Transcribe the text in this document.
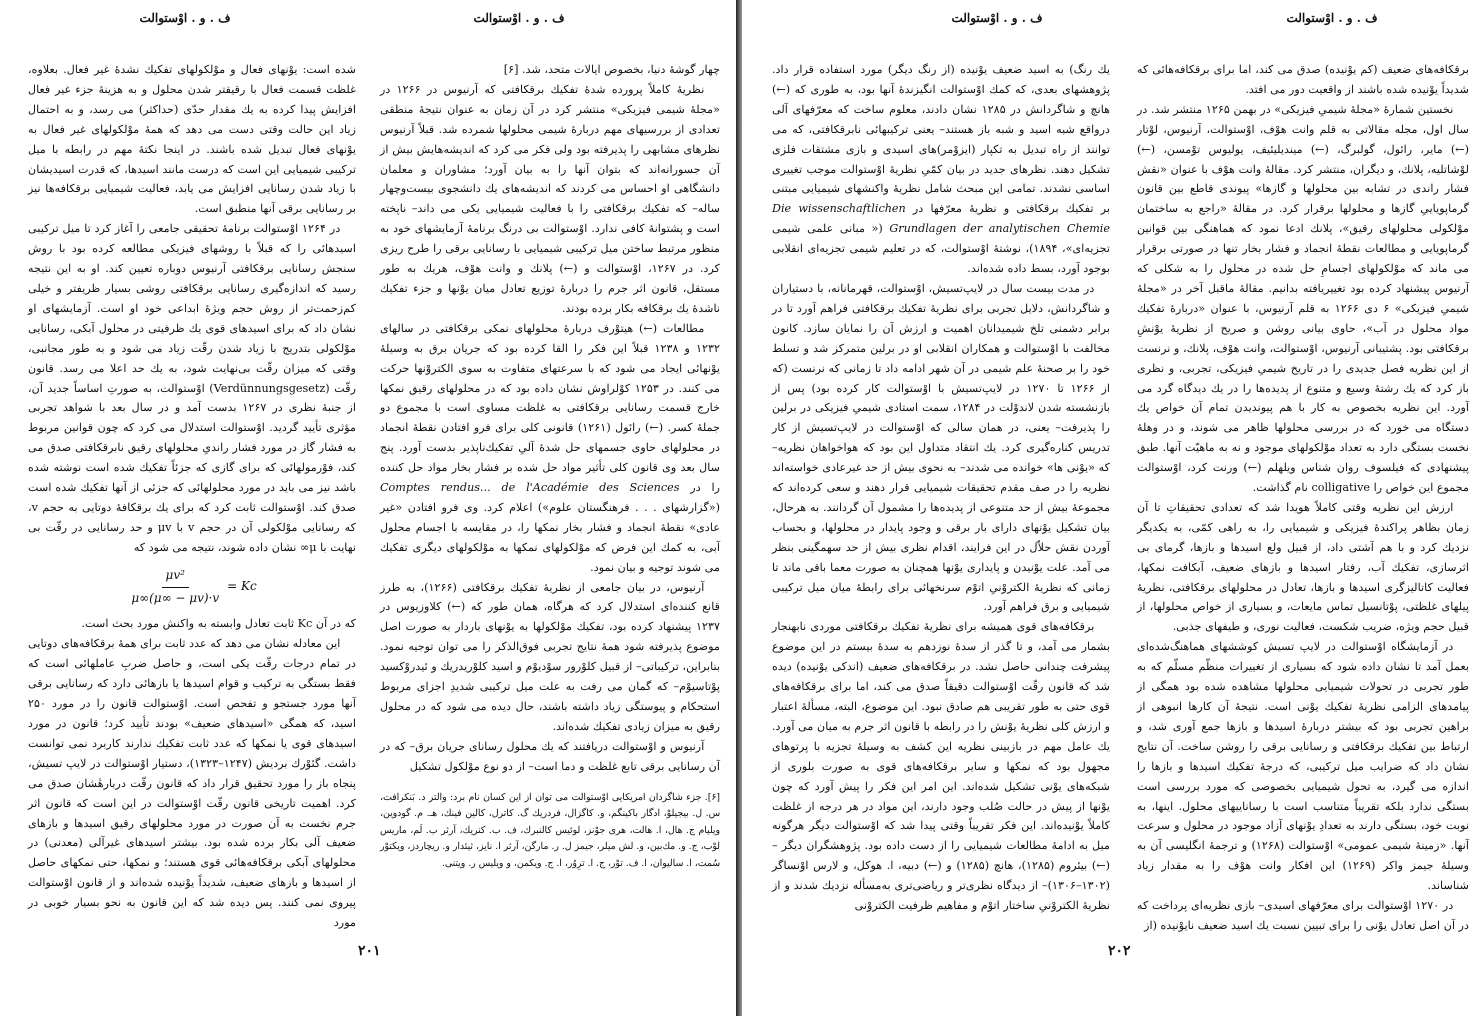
ف . و . اوْستوالت	ف . و . اوْستوالت

شده است: یوْنهای فعال و موْلکولهای تفکیك نشدهٔ غیر فعال. بعلاوه، غلظت قسمت فعال با رقیقتر شدن محلول و به هزینهٔ جزء غیر فعال افزایش پیدا کرده به یك مقدار حدّی (حداکثر) می رسد، و به احتمال زیاد این حالت وقتی دست می دهد که همهٔ موْلکولهای غیر فعال به یوْنهای فعال تبدیل شده باشند. در اینجا نکتهٔ مهم در رابطه با میل ترکیبی شیمیایی این است که درست مانند اسیدها، که قدرت اسیدیشان با زیاد شدن رسانایی افزایش می یابد، فعالیت شیمیایی برقکافه‌ها نیز بر رسانایی برقی آنها منطبق است.

در ۱۲۶۴ اوْستوالت برنامهٔ تحقیقی جامعی را آغاز کرد تا میل ترکیبی اسیدهائی را که قبلاً با روشهای فیزیکی مطالعه کرده بود با روش سنجش رسانایی برقکافتی آرنیوس دوباره تعیین کند. او به این نتیجه رسید که اندازه‌گیری رسانایی برقکافتی روشی بسیار ظریفتر و خیلی کم‌زحمت‌تر از روش حجم ویژهٔ ابداعی خود او است. آزمایشهای او نشان داد که برای اسیدهای قوی یك ظرفیتی در محلول آبکی، رسانایی موْلکولی بتدریج با زیاد شدن رقّت زیاد می شود و به طور مجانبی، وقتی که میزان رقّت بی‌نهایت شود، به یك حد اعلا می رسد. قانون رقّت (Verdünnungsgesetz) اوْستوالت، به صورتِ اساساً جدید آن، از جنبهٔ نظری در ۱۲۶۷ بدست آمد و در سال بعد با شواهد تجربی مؤثری تأیید گردید. اوْستوالت استدلال می کرد که چون قوانین مربوط به فشار گاز در مورد فشار راندیِ محلولهای رقیق نابرقکافتی صدق می کند، فوْرمولهائی که برای گازی که جزئاً تفکیك شده است نوشته شده باشد نیز می باید در مورد محلولهائی که جزئی از آنها تفکیك شده است صدق کند. اوْستوالت ثابت کرد که برای یك برقکافهٔ دوتایی به حجم v، که رسانایی موْلکولی آن در حجم v با μv و حد رسانایی در رقّت بی نهایت با μ∞ نشان داده شوند، نتیجه می شود که

$\frac{\text{μv²}}{\mu\infty(\mu\infty - \mu v)\cdot v} = Kc$

که در آن Kc ثابت تعادل وابسته به واکنش مورد بحث است.

این معادله نشان می دهد که عدد ثابت برای همهٔ برقکافه‌های دوتایی در تمام درجات رقّت یکی است، و حاصل ضربِ عاملهائی است که فقط بستگی به ترکیب و قوام اسیدها یا بازهائی دارد که رسانایی برقی آنها مورد جستجو و تفحص است. اوْستوالت قانون را در مورد ۲۵۰ اسید، که همگی «اسیدهای ضعیف» بودند تأیید کرد؛ قانون در مورد اسیدهای قوی یا نمکها که عدد ثابت تفکیك ندارند کاربرد نمی توانست داشت. گئوْرك بردیش (۱۲۴۷–۱۳۲۳)، دستیار اوْستوالت در لایپ تسیش، پنجاه باز را مورد تحقیق قرار داد که قانون رقّت دربارهٔشان صدق می کرد. اهمیت تاریخی قانون رقّت اوْستوالت در این است که قانون اثر جرم نخست به آن صورت در مورد محلولهای رقیق اسیدها و بازهای ضعیف آلی بکار برده شده بود. بیشتر اسیدهای غیرآلی (معدنی) در محلولهای آبکی برقکافه‌هائی قوی هستند؛ و نمکها، حتی نمکهای حاصل از اسیدها و بازهای ضعیف، شدیداً یوْنیده شده‌اند و از قانون اوْستوالت پیروی نمی کنند. پس دیده شد که این قانون به نحو بسیار خوبی در مورد

چهار گوشهٔ دنیا، بخصوص ایالات متحد، شد. [۶]

نظریهٔ کاملاً پرورده شدهٔ تفکیك برقکافتی که آرنیوس در ۱۲۶۶ در «مجلهٔ شیمی فیزیکی» منتشر کرد در آن زمان به عنوان نتیجهٔ منطقی تعدادی از بررسیهای مهم دربارهٔ شیمی محلولها شمرده شد. قبلاً آرنیوس نظرهای مشابهی را پذیرفته بود ولی فکر می کرد که اندیشه‌هایش بیش از آن جسورانه‌اند که بتوان آنها را به بیان آورد؛ مشاوران و معلمان دانشگاهی او احساس می کردند که اندیشه‌های یك دانشجوی بیست‌وچهار ساله– که تفکیك برقکافتی را با فعالیت شیمیایی یکی می داند– ناپخته است و پشتوانهٔ کافی ندارد. اوْستوالت بی درنگ برنامهٔ آزمایشهای خود به منظور مرتبط ساختن میل ترکیبی شیمیایی با رسانایی برقی را طرح ریزی کرد. در ۱۲۶۷، اوْستوالت و (←) پلانك و وانت هوْف، هریك به طور مستقل، قانون اثر جرم را دربارهٔ توزیع تعادل میان یوْنها و جزء تفکیك ناشدهٔ یك برقکافه بکار برده بودند.

مطالعات (←) هیتوْرف دربارهٔ محلولهای نمکی برقکافتی در سالهای ۱۲۳۲ و ۱۲۳۸ قبلاً این فکر را القا کرده بود که جریان برق به وسیلهٔ یوْنهائی ایجاد می شود که با سرعتهای متفاوت به سوی الکتروْنها حرکت می کنند. در ۱۲۵۳ کوْلراوش نشان داده بود که در محلولهای رقیق نمکها خارج قسمت رسانایی برقکافتی به غلظت مساوی است با مجموع دو جملهٔ کسر. (←) رائول (۱۲۶۱) قانونی کلی برای فرو افتادن نقطهٔ انجماد در محلولهای حاوی جسمهای حل شدهٔ آلیِ تفکیك‌ناپذیر بدست آورد. پنج سال بعد وی قانون کلی تأثیر مواد حل شده بر فشار بخار مواد حل کننده را در Comptes rendus... de l'Académie des Sciences («گزارشهای . . . فرهنگستان علوم») اعلام کرد. وی فرو افتادن «غیر عادی» نقطهٔ انجماد و فشار بخار نمکها را، در مقایسه با اجسام محلول آبی، به کمك این فرض که موْلکولهای نمکها به موْلکولهای دیگری تفکیك می شوند توجیه و بیان نمود.

آرنیوس، در بیان جامعی از نظریهٔ تفکیك برقکافتی (۱۲۶۶)، به طرز قانع کننده‌ای استدلال کرد که هرگاه، همان طور که (←) کلاوزیوس در ۱۲۳۷ پیشنهاد کرده بود، تفکیك موْلکولها به یوْنهای باردار به صورت اصل موضوع پذیرفته شود همهٔ نتایج تجربی فوق‌الذکر را می توان توجیه نمود. بنابراین، ترکیباتی– از قبیل کلوْرور سوْدیوْم و اسید کلوْریدریك و ئیدروْکسید پوْتاسیوْم– که گمان می رفت به علت میل ترکیبی شدیدِ اجزای مربوط استحکام و پیوستگی زیاد داشته باشند، حال دیده می شود که در محلول رقیق به میزان زیادی تفکیك شده‌اند.

آرنیوس و اوْستوالت دریافتند که یك محلول رسانای جریان برق– که در آن رسانایی برقی تابع غلظت و دما است– از دو نوع موْلکول تشکیل

[۶]. جزء شاگردان امریکایی اوْستوالت می توان از این کسان نام برد: والتر د. بَنکرافت، س. ل. بیجیلوْ، ادگار باکینگم، و. کاگزال، فردریك گ. کاترل، کالین فینك، هـ. م. گودوین، ویلیام ج. هال، ا. هالت، هری جوْنز، لوئیس کالنبرك، ف. ب. کنریك، آرثر ب. لَم، ماریس لوْب، ج. و. مك‌بین، و. لش میلر، جیمز ل. ر. مارگن، آرثر ا. نایز، ثیئدار و. ریچاردز، ویکتوْر سُمت، ا. سالیوان، ا. ف. توْر، ج. ا. ترِوُر، ا. ج. ویکمن، و ویلیس ر. ویتنی.
۲۰۱
ف . و . اوْستوالت	ف . و . اوْستوالت

یك رنگ) به اسید ضعیف یوْنیده (از رنگ دیگر) مورد استفاده قرار داد. پژوهشهای بعدی، که کمك اوْستوالت انگیزندهٔ آنها بود، به طوری که (←) هانچ و شاگردانش در ۱۲۸۵ نشان دادند، معلوم ساخت که معرّفهای آلی درواقع شبه اسید و شبه باز هستند– یعنی ترکیبهائی نابرقکافتی، که می توانند از راه تبدیل به تکپار (ایزوْمر)های اسیدی و بازی مشتقات فلزی تشکیل دهند. نظرهای جدید در بیان کمّیِ نظریهٔ اوْستوالت موجب تغییری اساسی نشدند. تمامی این مبحث شامل نظریهٔ واکنشهای شیمیایی مبتنی بر تفکیك برقکافتی و نظریهٔ معرّفها در Die wissenschaftlichen Grundlagen der analytischen Chemie (« مبانی علمی شیمی تجزیه‌ای»، ۱۸۹۴)، نوشتهٔ اوْستوالت، که در تعلیم شیمی تجزیه‌ای انقلابی بوجود آورد، بسط داده شده‌اند.

در مدت بیست سال در لایپ‌تسیش، اوْستوالت، قهرمانانه، با دستیاران و شاگردانش، دلایل تجربی برای نظریهٔ تفکیك برقکافتی فراهم آورد تا در برابر دشمنی تلخ شیمیدانان اهمیت و ارزش آن را نمایان سازد. کانون مخالفت با اوْستوالت و همکاران انقلابی او در برلین متمرکز شد و تسلط خود را بر صحنهٔ علم شیمی در آن شهر ادامه داد تا زمانی که نرنست (که از ۱۲۶۶ تا ۱۲۷۰ در لایپ‌تسیش با اوْستوالت کار کرده بود) پس از بازنشسته شدن لاندوْلت در ۱۲۸۴، سمت استادی شیمیِ فیزیکی در برلین را پذیرفت– یعنی، در همان سالی که اوْستوالت در لایپ‌تسیش از کار تدریس کناره‌گیری کرد. یك انتقاد متداول این بود که هواخواهان نظریه– که «یوْنی ها» خوانده می شدند– به نحوی بیش از حد غیرعادی خواسته‌اند نظریه را در صف مقدم تحقیقات شیمیایی قرار دهند و سعی کرده‌اند که مجموعهٔ بیش از حد متنوعی از پدیده‌ها را مشمول آن گردانند. به هرحال، بیان تشکیل یوْنهای دارای بار برقی و وجود پایدار در محلولها، و بحساب آوردن نقش حلاّل در این فرایند، اقدام نظری بیش از حد سهمگینی بنظر می آمد. علت یوْنیدن و پایداری یوْنها همچنان به صورت معما باقی ماند تا زمانی که نظریهٔ الکتروْنیِ اتوْم سرنخهائی برای رابطهٔ میان میل ترکیبی شیمیایی و برق فراهم آورد.

برقکافه‌های قوی همیشه برای نظریهٔ تفکیك برقکافتی موردی نابهنجار بشمار می آمد، و تا گذر از سدهٔ نوزدهم به سدهٔ بیستم در این موضوع پیشرفت چندانی حاصل نشد. در برقکافه‌های ضعیف (اندکی یوْنیده) دیده شد که قانون رقّت اوْستوالت دقیقاً صدق می کند، اما برای برقکافه‌های قوی حتی به طور تقریبی هم صادق نبود. این موضوع، البته، مسألهٔ اعتبار و ارزش کلی نظریهٔ یوْنش را در رابطه با قانون اثر جرم به میان می آورد. یك عامل مهم در بازبینی نظریه این کشف به وسیلهٔ تجزیه با پرتوهای مجهول بود که نمکها و سایر برقکافه‌های قوی به صورت بلوری از شبکه‌های یوْنی تشکیل شده‌اند. این امر این فکر را پیش آورد که چون یوْنها از پیش در حالت صُلب وجود دارند، این مواد در هر درجه از غلظت کاملاً یوْنیده‌اند. این فکر تقریباً وقتی پیدا شد که اوْستوالت دیگر هرگونه میل به ادامهٔ مطالعات شیمیایی را از دست داده بود. پژوهشگران دیگر – (←) بیئروم (۱۲۸۵)، هانچ (۱۲۸۵) و (←) دبیه، ا. هوکل، و لارس اوْنساگر (۱۳۰۲–۱۳۰۶)– از دیدگاه نظری‌تر و ریاضی‌تری به‌مسأله نزدیك شدند و از نظریهٔ الکتروْنیِ ساختار اتوْم و مفاهیم ظرفیت الکتروْنی

برقکافه‌های ضعیف (کم یوْنیده) صدق می کند، اما برای برقکافه‌هائی که شدیداً یوْنیده شده باشند از واقعیت دور می افتد.

نخستین شمارهٔ «مجلهٔ شیمیِ فیزیکی» در بهمن ۱۲۶۵ منتشر شد. در سال اول، مجله مقالاتی به قلم وانت هوْف، اوْستوالت، آرنیوس، لوْتار (←) مایر، رائول، گولبرگ، (←) میندیلیئیف، یولیوس توْمسن، (←) لوْشاتلیه، پلانك، و دیگران، منتشر کرد. مقالهٔ وانت هوْف با عنوان «نقش فشار راندی در تشابه بین محلولها و گازها» پیوندی قاطع بین قانون گرماپویاییِ گازها و محلولها برقرار کرد. در مقالهٔ «راجع به ساختمان موْلکولی محلولهای رقیق»، پلانك ادعا نمود که هماهنگی بین قوانین گرماپویایی و مطالعات نقطهٔ انجماد و فشار بخار تنها در صورتی برقرار می ماند که موْلکولهای اجسامِ حل شده در محلول را به شکلی که آرنیوس پیشنهاد کرده بود تغییریافته بدانیم. مقالهٔ ماقبل آخر در «مجلهٔ شیمیِ فیزیکی» ۶ دی ۱۲۶۶ به قلم آرنیوس، با عنوان «دربارهٔ تفکیك مواد محلول در آب»، حاوی بیانی روشن و صریح از نظریهٔ یوْنشِ برقکافتی بود. پشتیبانی آرنیوس، اوْستوالت، وانت هوْف، پلانك، و نرنست از این نظریه فصل جدیدی را در تاریخ شیمیِ فیزیکی، تجربی، و نظری باز کرد که یك رشتهٔ وسیع و متنوع از پدیده‌ها را در یك دیدگاه گرد می آورد. این نظریه بخصوص به کار با هم پیوندیدن تمام آن خواص یك دستگاه می خورد که در بررسی محلولها ظاهر می شوند، و در وهلهٔ نخست بستگی دارد به تعداد موْلکولهای موجود و نه به ماهیّت آنها. طبق پیشنهادی که فیلسوف روان شناس ویلهلم (←) ورنت کرد، اوْستوالت مجموع این خواص را colligative نام گذاشت.

ارزش این نظریه وقتی کاملاً هویدا شد که تعدادی تحقیقاتِ تا آن زمان بظاهر پراکندهٔ فیزیکی و شیمیایی را، به راهی کمّی، به یکدیگر نزدیك کرد و با هم آشتی داد، از قبیل ولع اسیدها و بازها، گرمای بی اثرسازی، تفکیك آب، رفتار اسیدها و بازهای ضعیف، آبکافت نمکها، فعالیت کاتالیزگری اسیدها و بازها، تعادل در محلولهای برقکافتی، نظریهٔ پیلهای غلظتی، پوْتانسیل تماس مایعات، و بسیاری از خواص محلولها، از قبیل حجم ویژه، ضریب شکست، فعالیت نوری، و طیفهای جذبی.

در آزمایشگاه اوْستوالت در لایپ تسیش کوششهای هماهنگ‌شده‌ای بعمل آمد تا نشان داده شود که بسیاری از تغییرات منظّم مسلّم که به طور تجربی در تحولات شیمیایی محلولها مشاهده شده بود همگی از پیامدهای الزامی نظریهٔ تفکیك یوْنی است. نتیجهٔ آن کارها انبوهی از براهین تجربی بود که بیشتر دربارهٔ اسیدها و بازها جمع آوری شد، و ارتباط بین تفکیك برقکافتی و رسانایی برقی را روشن ساخت. آن نتایج نشان داد که ضرایب میل ترکیبی، که درجهٔ تفکیك اسیدها و بازها را اندازه می گیرد، به تحول شیمیایی بخصوصی که مورد بررسی است بستگی ندارد بلکه تقریباً متناسب است با رساناییهای محلول. اینها، به نوبت خود، بستگی دارند به تعدادِ یوْنهای آزاد موجود در محلول و سرعت آنها. «زمینهٔ شیمی عمومی» اوْستوالت (۱۲۶۸) و ترجمهٔ انگلیسی آن به وسیلهٔ جیمز واکر (۱۲۶۹) این افکار وانت هوْف را به مقدار زیاد شناساند.

در ۱۲۷۰ اوْستوالت برای معرّفهای اسیدی– بازی نظریه‌ای پرداخت که در آن اصل تعادل یوْنی را برای تبیین نسبت یك اسید ضعیف نایوْنیده (از

۲۰۲
